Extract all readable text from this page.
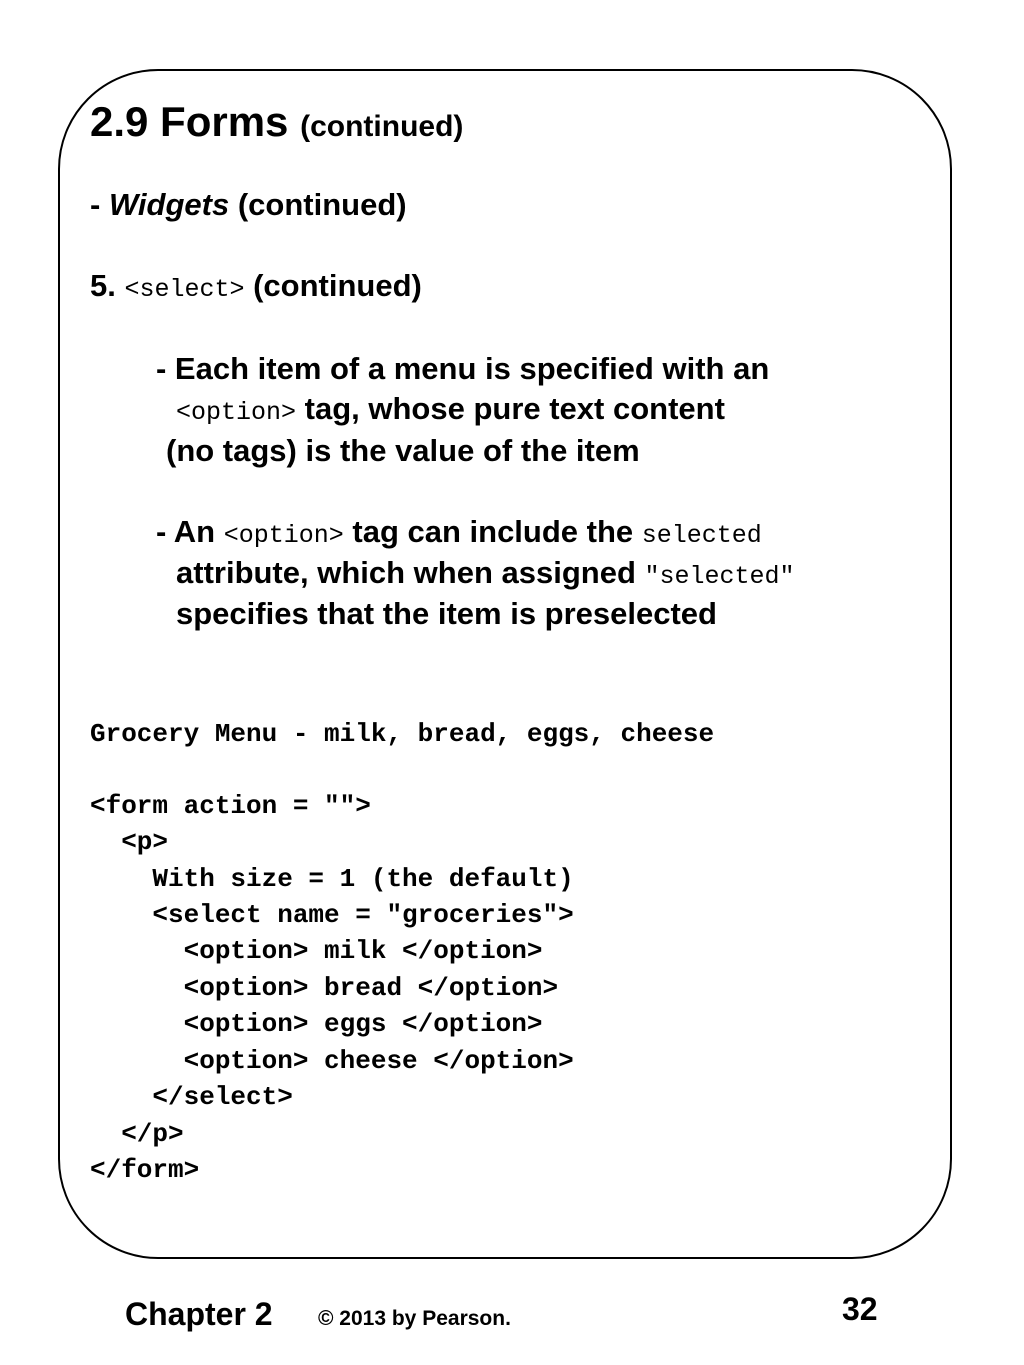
2.9 Forms (continued)
- Widgets (continued)
5. <select> (continued)
- Each item of a menu is specified with an
<option> tag, whose pure text content
(no tags) is the value of the item
- An <option> tag can include the selected
attribute, which when assigned "selected"
specifies that the item is preselected
Grocery Menu - milk, bread, eggs, cheese
<form action = "">
<p>
With size = 1 (the default)
<select name = "groceries">
<option> milk </option>
<option> bread </option>
<option> eggs </option>
<option> cheese </option>
</select>
</p>
</form>
Chapter 2 © 2013 by Pearson.	32
